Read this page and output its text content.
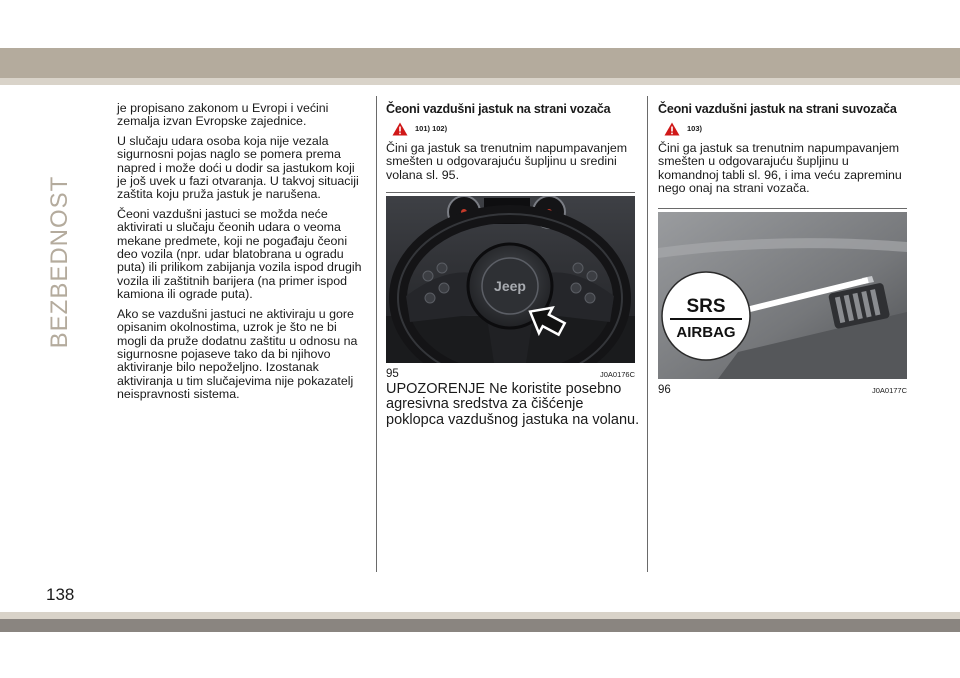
BEZBEDNOST

je propisano zakonom u Evropi i većini zemalja izvan Evropske zajednice.

U slučaju udara osoba koja nije vezala sigurnosni pojas naglo se pomera prema napred i može doći u dodir sa jastukom koji je još uvek u fazi otvaranja. U takvoj situaciji zaštita koju pruža jastuk je narušena.

Čeoni vazdušni jastuci se možda neće aktivirati u slučaju čeonih udara o veoma mekane predmete, koji ne pogađaju čeoni deo vozila (npr. udar blatobrana u ogradu puta) ili prilikom zabijanja vozila ispod drugih vozila ili zaštitnih barijera (na primer ispod kamiona ili ograde puta).

Ako se vazdušni jastuci ne aktiviraju u gore opisanim okolnostima, uzrok je što ne bi mogli da pruže dodatnu zaštitu u odnosu na sigurnosne pojaseve tako da bi njihovo aktiviranje bilo nepoželjno. Izostanak aktiviranja u tim slučajevima nije pokazatelj neispravnosti sistema.

Čeoni vazdušni jastuk na strani vozača
101) 102)

Čini ga jastuk sa trenutnim napumpavanjem smešten u odgovarajuću šupljinu u sredini volana sl. 95.

Jeep
95	J0A0176C

UPOZORENJE Ne koristite posebno agresivna sredstva za čišćenje poklopca vazdušnog jastuka na volanu.

Čeoni vazdušni jastuk na strani suvozača
103)

Čini ga jastuk sa trenutnim napumpavanjem smešten u odgovarajuću šupljinu u komandnoj tabli sl. 96, i ima veću zapreminu nego onaj na strani vozača.

SRS
AIRBAG
96	J0A0177C
138
